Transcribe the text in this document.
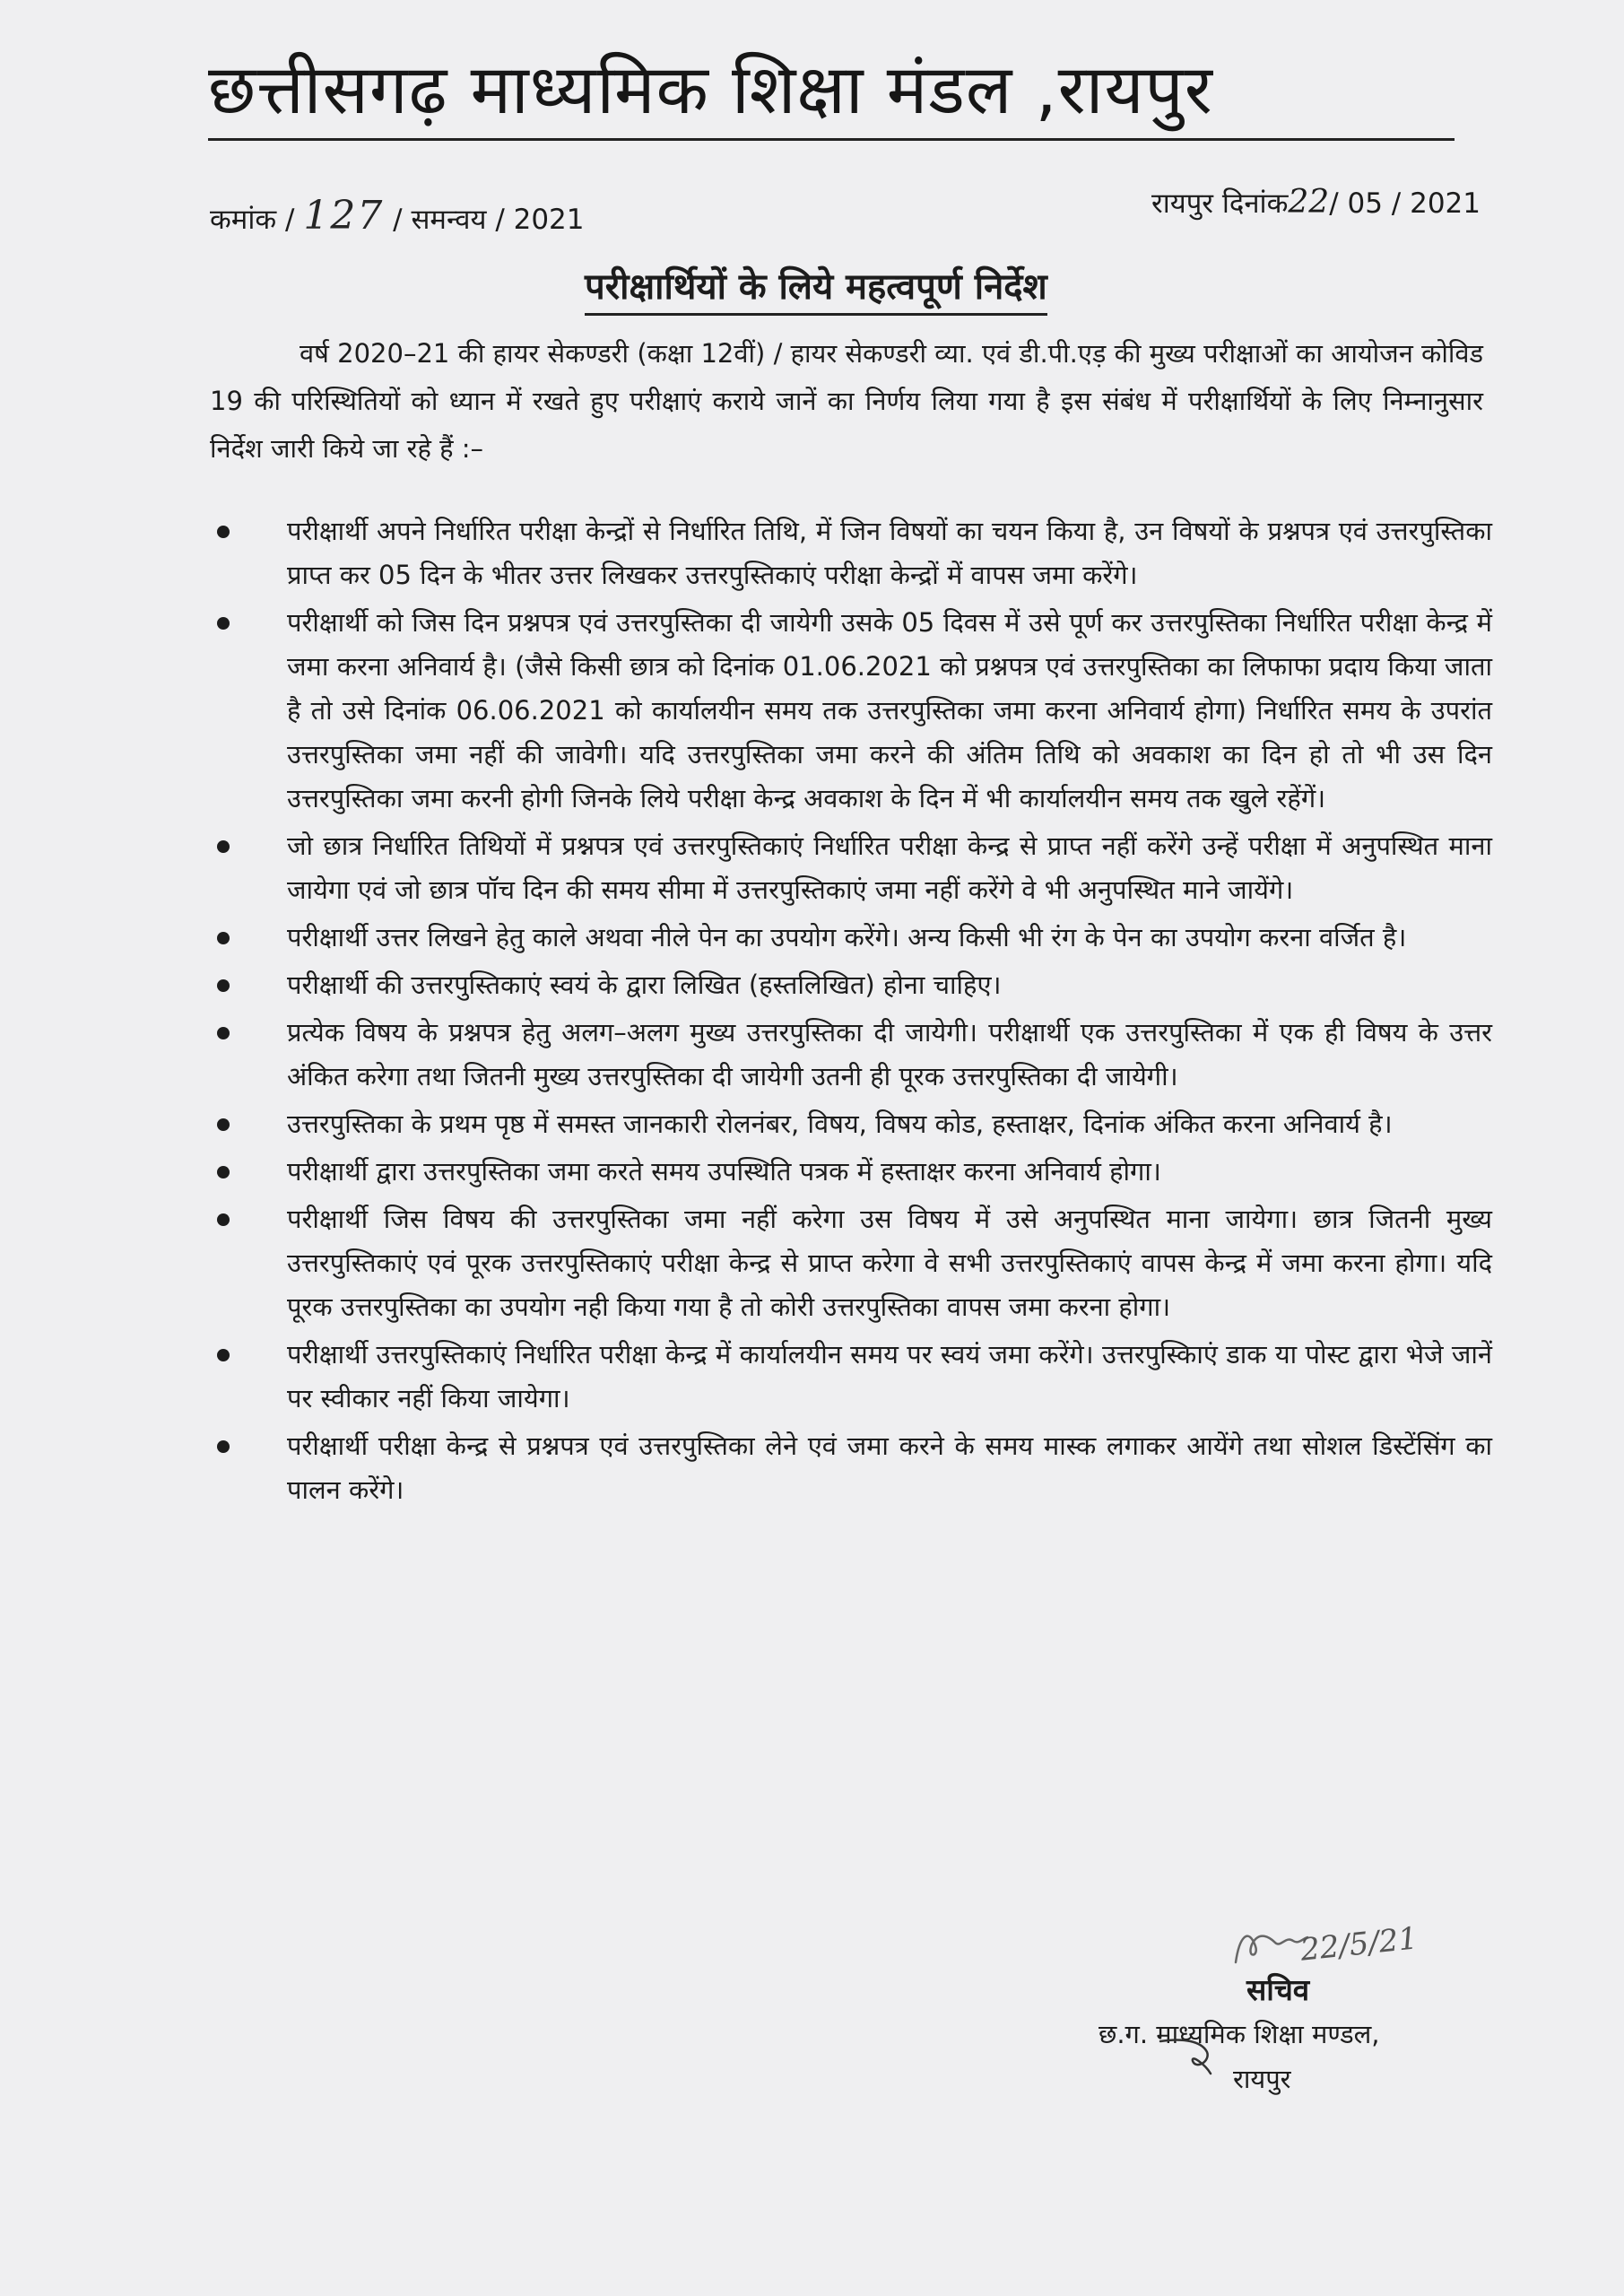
छत्तीसगढ़ माध्यमिक शिक्षा मंडल ,रायपुर
कमांक / 127 / समन्वय / 2021	रायपुर दिनांक22/ 05 / 2021
परीक्षार्थियों के लिये महत्वपूर्ण निर्देश

वर्ष 2020–21 की हायर सेकण्डरी (कक्षा 12वीं) / हायर सेकण्डरी व्या. एवं डी.पी.एड़ की मुख्य परीक्षाओं का आयोजन कोविड 19 की परिस्थितियों को ध्यान में रखते हुए परीक्षाएं कराये जानें का निर्णय लिया गया है इस संबंध में परीक्षार्थियों के लिए निम्नानुसार निर्देश जारी किये जा रहे हैं :–

परीक्षार्थी अपने निर्धारित परीक्षा केन्द्रों से निर्धारित तिथि, में जिन विषयों का चयन किया है, उन विषयों के प्रश्नपत्र एवं उत्तरपुस्तिका प्राप्त कर 05 दिन के भीतर उत्तर लिखकर उत्तरपुस्तिकाएं परीक्षा केन्द्रों में वापस जमा करेंगे।
परीक्षार्थी को जिस दिन प्रश्नपत्र एवं उत्तरपुस्तिका दी जायेगी उसके 05 दिवस में उसे पूर्ण कर उत्तरपुस्तिका निर्धारित परीक्षा केन्द्र में जमा करना अनिवार्य है। (जैसे किसी छात्र को दिनांक 01.06.2021 को प्रश्नपत्र एवं उत्तरपुस्तिका का लिफाफा प्रदाय किया जाता है तो उसे दिनांक 06.06.2021 को कार्यालयीन समय तक उत्तरपुस्तिका जमा करना अनिवार्य होगा) निर्धारित समय के उपरांत उत्तरपुस्तिका जमा नहीं की जावेगी। यदि उत्तरपुस्तिका जमा करने की अंतिम तिथि को अवकाश का दिन हो तो भी उस दिन उत्तरपुस्तिका जमा करनी होगी जिनके लिये परीक्षा केन्द्र अवकाश के दिन में भी कार्यालयीन समय तक खुले रहेंगें।
जो छात्र निर्धारित तिथियों में प्रश्नपत्र एवं उत्तरपुस्तिकाएं निर्धारित परीक्षा केन्द्र से प्राप्त नहीं करेंगे उन्हें परीक्षा में अनुपस्थित माना जायेगा एवं जो छात्र पॉच दिन की समय सीमा में उत्तरपुस्तिकाएं जमा नहीं करेंगे वे भी अनुपस्थित माने जायेंगे।
परीक्षार्थी उत्तर लिखने हेतु काले अथवा नीले पेन का उपयोग करेंगे। अन्य किसी भी रंग के पेन का उपयोग करना वर्जित है।
परीक्षार्थी की उत्तरपुस्तिकाएं स्वयं के द्वारा लिखित (हस्तलिखित) होना चाहिए।
प्रत्येक विषय के प्रश्नपत्र हेतु अलग–अलग मुख्य उत्तरपुस्तिका दी जायेगी। परीक्षार्थी एक उत्तरपुस्तिका में एक ही विषय के उत्तर अंकित करेगा तथा जितनी मुख्य उत्तरपुस्तिका दी जायेगी उतनी ही पूरक उत्तरपुस्तिका दी जायेगी।
उत्तरपुस्तिका के प्रथम पृष्ठ में समस्त जानकारी रोलनंबर, विषय, विषय कोड, हस्ताक्षर, दिनांक अंकित करना अनिवार्य है।
परीक्षार्थी द्वारा उत्तरपुस्तिका जमा करते समय उपस्थिति पत्रक में हस्ताक्षर करना अनिवार्य होगा।
परीक्षार्थी जिस विषय की उत्तरपुस्तिका जमा नहीं करेगा उस विषय में उसे अनुपस्थित माना जायेगा। छात्र जितनी मुख्य उत्तरपुस्तिकाएं एवं पूरक उत्तरपुस्तिकाएं परीक्षा केन्द्र से प्राप्त करेगा वे सभी उत्तरपुस्तिकाएं वापस केन्द्र में जमा करना होगा। यदि पूरक उत्तरपुस्तिका का उपयोग नही किया गया है तो कोरी उत्तरपुस्तिका वापस जमा करना होगा।
परीक्षार्थी उत्तरपुस्तिकाएं निर्धारित परीक्षा केन्द्र में कार्यालयीन समय पर स्वयं जमा करेंगे। उत्तरपुस्किाएं डाक या पोस्ट द्वारा भेजे जानें पर स्वीकार नहीं किया जायेगा।
परीक्षार्थी परीक्षा केन्द्र से प्रश्नपत्र एवं उत्तरपुस्तिका लेने एवं जमा करने के समय मास्क लगाकर आयेंगे तथा सोशल डिस्टेंसिंग का पालन करेंगे।
22/5/21
सचिव
छ.ग. माध्यमिक शिक्षा मण्डल,
रायपुर
